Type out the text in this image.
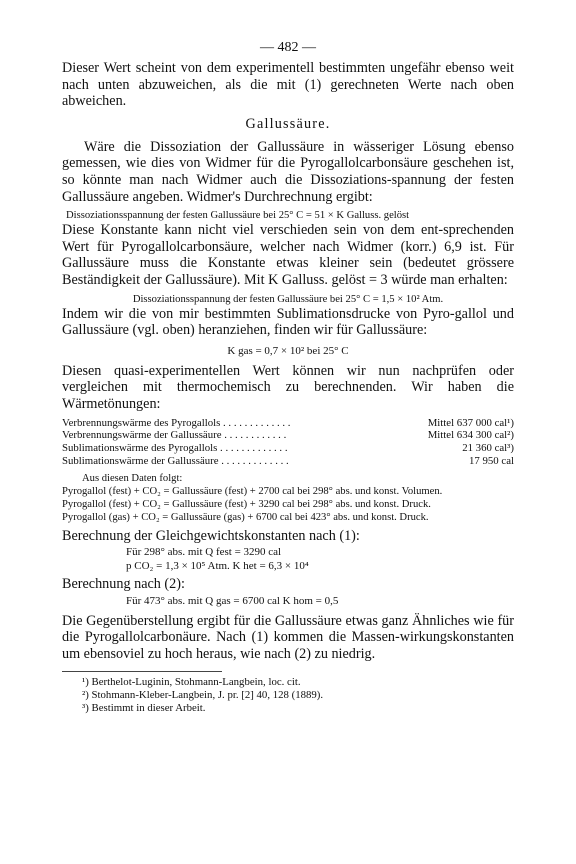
— 482 —

Dieser Wert scheint von dem experimentell bestimmten ungefähr ebenso weit nach unten abzuweichen, als die mit (1) gerechneten Werte nach oben abweichen.

Gallussäure.

Wäre die Dissoziation der Gallussäure in wässeriger Lösung ebenso gemessen, wie dies von Widmer für die Pyrogallolcarbonsäure geschehen ist, so könnte man nach Widmer auch die Dissoziations-spannung der festen Gallussäure angeben. Widmer's Durchrechnung ergibt:

Dissoziationsspannung der festen Gallussäure bei 25° C = 51 × K Galluss. gelöst

Diese Konstante kann nicht viel verschieden sein von dem ent-sprechenden Wert für Pyrogallolcarbonsäure, welcher nach Widmer (korr.) 6,9 ist. Für Gallussäure muss die Konstante etwas kleiner sein (bedeutet grössere Beständigkeit der Gallussäure). Mit K Galluss. gelöst = 3 würde man erhalten:

Dissoziationsspannung der festen Gallussäure bei 25° C = 1,5 × 10² Atm.

Indem wir die von mir bestimmten Sublimationsdrucke von Pyro-gallol und Gallussäure (vgl. oben) heranziehen, finden wir für Gallussäure:

K gas = 0,7 × 10² bei 25° C

Diesen quasi-experimentellen Wert können wir nun nachprüfen oder vergleichen mit thermochemisch zu berechnenden. Wir haben die Wärmetönungen:

Verbrennungswärme des Pyrogallols . . . . . . . . . . . . .	Mittel 637 000 cal¹)
Verbrennungswärme der Gallussäure . . . . . . . . . . . .	Mittel 634 300 cal²)
Sublimationswärme des Pyrogallols . . . . . . . . . . . . .	21 360 cal³)
Sublimationswärme der Gallussäure . . . . . . . . . . . . .	17 950 cal

Aus diesen Daten folgt:

Pyrogallol (fest) + CO₂ = Gallussäure (fest) + 2700 cal bei 298° abs. und konst. Volumen.

Pyrogallol (fest) + CO₂ = Gallussäure (fest) + 3290 cal bei 298° abs. und konst. Druck.

Pyrogallol (gas) + CO₂ = Gallussäure (gas) + 6700 cal bei 423° abs. und konst. Druck.

Berechnung der Gleichgewichtskonstanten nach (1):

Für 298° abs. mit Q fest = 3290 cal
p CO₂ = 1,3 × 10⁵ Atm. K het = 6,3 × 10⁴

Berechnung nach (2):

Für 473° abs. mit Q gas = 6700 cal K hom = 0,5

Die Gegenüberstellung ergibt für die Gallussäure etwas ganz Ähnliches wie für die Pyrogallolcarbonäure. Nach (1) kommen die Massen-wirkungskonstanten um ebensoviel zu hoch heraus, wie nach (2) zu niedrig.

¹) Berthelot-Luginin, Stohmann-Langbein, loc. cit.

²) Stohmann-Kleber-Langbein, J. pr. [2] 40, 128 (1889).

³) Bestimmt in dieser Arbeit.
